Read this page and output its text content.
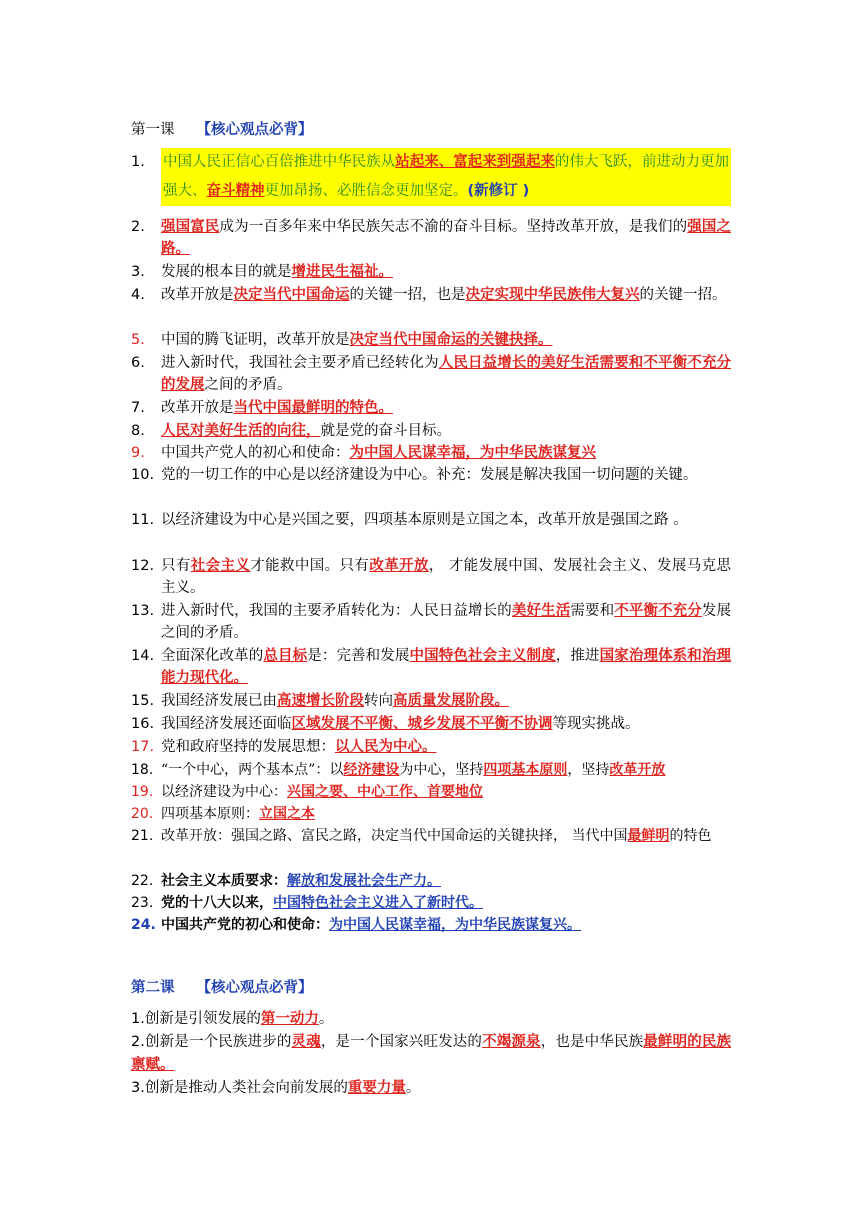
第一课 【核心观点必背】
1.	中国人民正信心百倍推进中华民族从站起来、富起来到强起来的伟大飞跃，前进动力更加强大、奋斗精神更加昂扬、必胜信念更加坚定。(新修订 )
2.	强国富民成为一百多年来中华民族矢志不渝的奋斗目标。坚持改革开放，是我们的强国之路。
3.	发展的根本目的就是增进民生福祉。
4.	改革开放是决定当代中国命运的关键一招，也是决定实现中华民族伟大复兴的关键一招。
5.	中国的腾飞证明，改革开放是决定当代中国命运的关键抉择。
6.	进入新时代，我国社会主要矛盾已经转化为人民日益增长的美好生活需要和不平衡不充分的发展之间的矛盾。
7.	改革开放是当代中国最鲜明的特色。
8.	人民对美好生活的向往，就是党的奋斗目标。
9.	中国共产党人的初心和使命：为中国人民谋幸福，为中华民族谋复兴
10. 党的一切工作的中心是以经济建设为中心。补充：发展是解决我国一切问题的关键。
11. 以经济建设为中心是兴国之要，四项基本原则是立国之本，改革开放是强国之路 。
12. 只有社会主义才能救中国。只有改革开放， 才能发展中国、发展社会主义、发展马克思主义。
13. 进入新时代，我国的主要矛盾转化为：人民日益增长的美好生活需要和不平衡不充分发展之间的矛盾。
14. 全面深化改革的总目标是：完善和发展中国特色社会主义制度，推进国家治理体系和治理能力现代化。
15. 我国经济发展已由高速增长阶段转向高质量发展阶段。
16. 我国经济发展还面临区域发展不平衡、城乡发展不平衡不协调等现实挑战。
17. 党和政府坚持的发展思想：以人民为中心。
18. “一个中心，两个基本点”：以经济建设为中心，坚持四项基本原则，坚持改革开放
19. 以经济建设为中心：兴国之要、中心工作、首要地位
20. 四项基本原则：立国之本
21. 改革开放：强国之路、富民之路，决定当代中国命运的关键抉择， 当代中国最鲜明的特色
22. 社会主义本质要求：解放和发展社会生产力。
23. 党的十八大以来，中国特色社会主义进入了新时代。
24. 中国共产党的初心和使命：为中国人民谋幸福，为中华民族谋复兴。
第二课 【核心观点必背】
1.创新是引领发展的第一动力。
2.创新是一个民族进步的灵魂，是一个国家兴旺发达的不竭源泉，也是中华民族最鲜明的民族禀赋。
3.创新是推动人类社会向前发展的重要力量。
